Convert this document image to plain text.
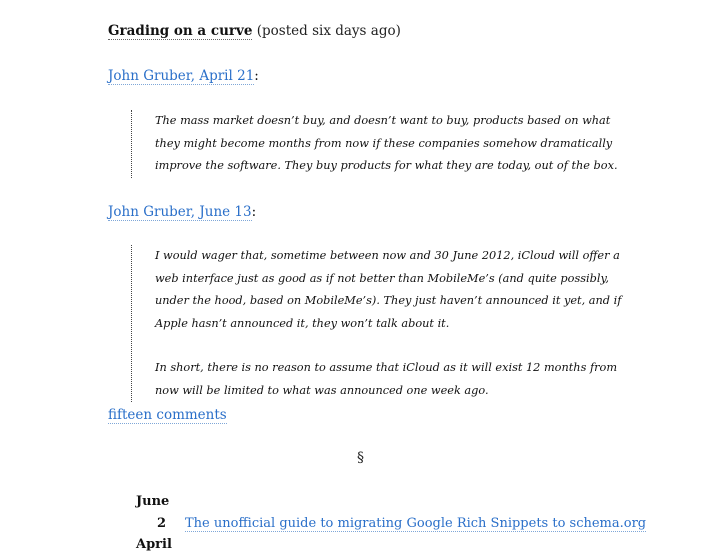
Grading on a curve (posted six days ago)
John Gruber, April 21:

The mass market doesn’t buy, and doesn’t want to buy, products based on what they might become months from now if these companies somehow dramatically improve the software. They buy products for what they are today, out of the box.

John Gruber, June 13:

I would wager that, sometime between now and 30 June 2012, iCloud will offer a web interface just as good as if not better than MobileMe’s (and quite possibly, under the hood, based on MobileMe’s). They just haven’t announced it yet, and if Apple hasn’t announced it, they won’t talk about it.

In short, there is no reason to assume that iCloud as it will exist 12 months from now will be limited to what was announced one week ago.

fifteen comments
§
June
2 The unofficial guide to migrating Google Rich Snippets to schema.org
April
